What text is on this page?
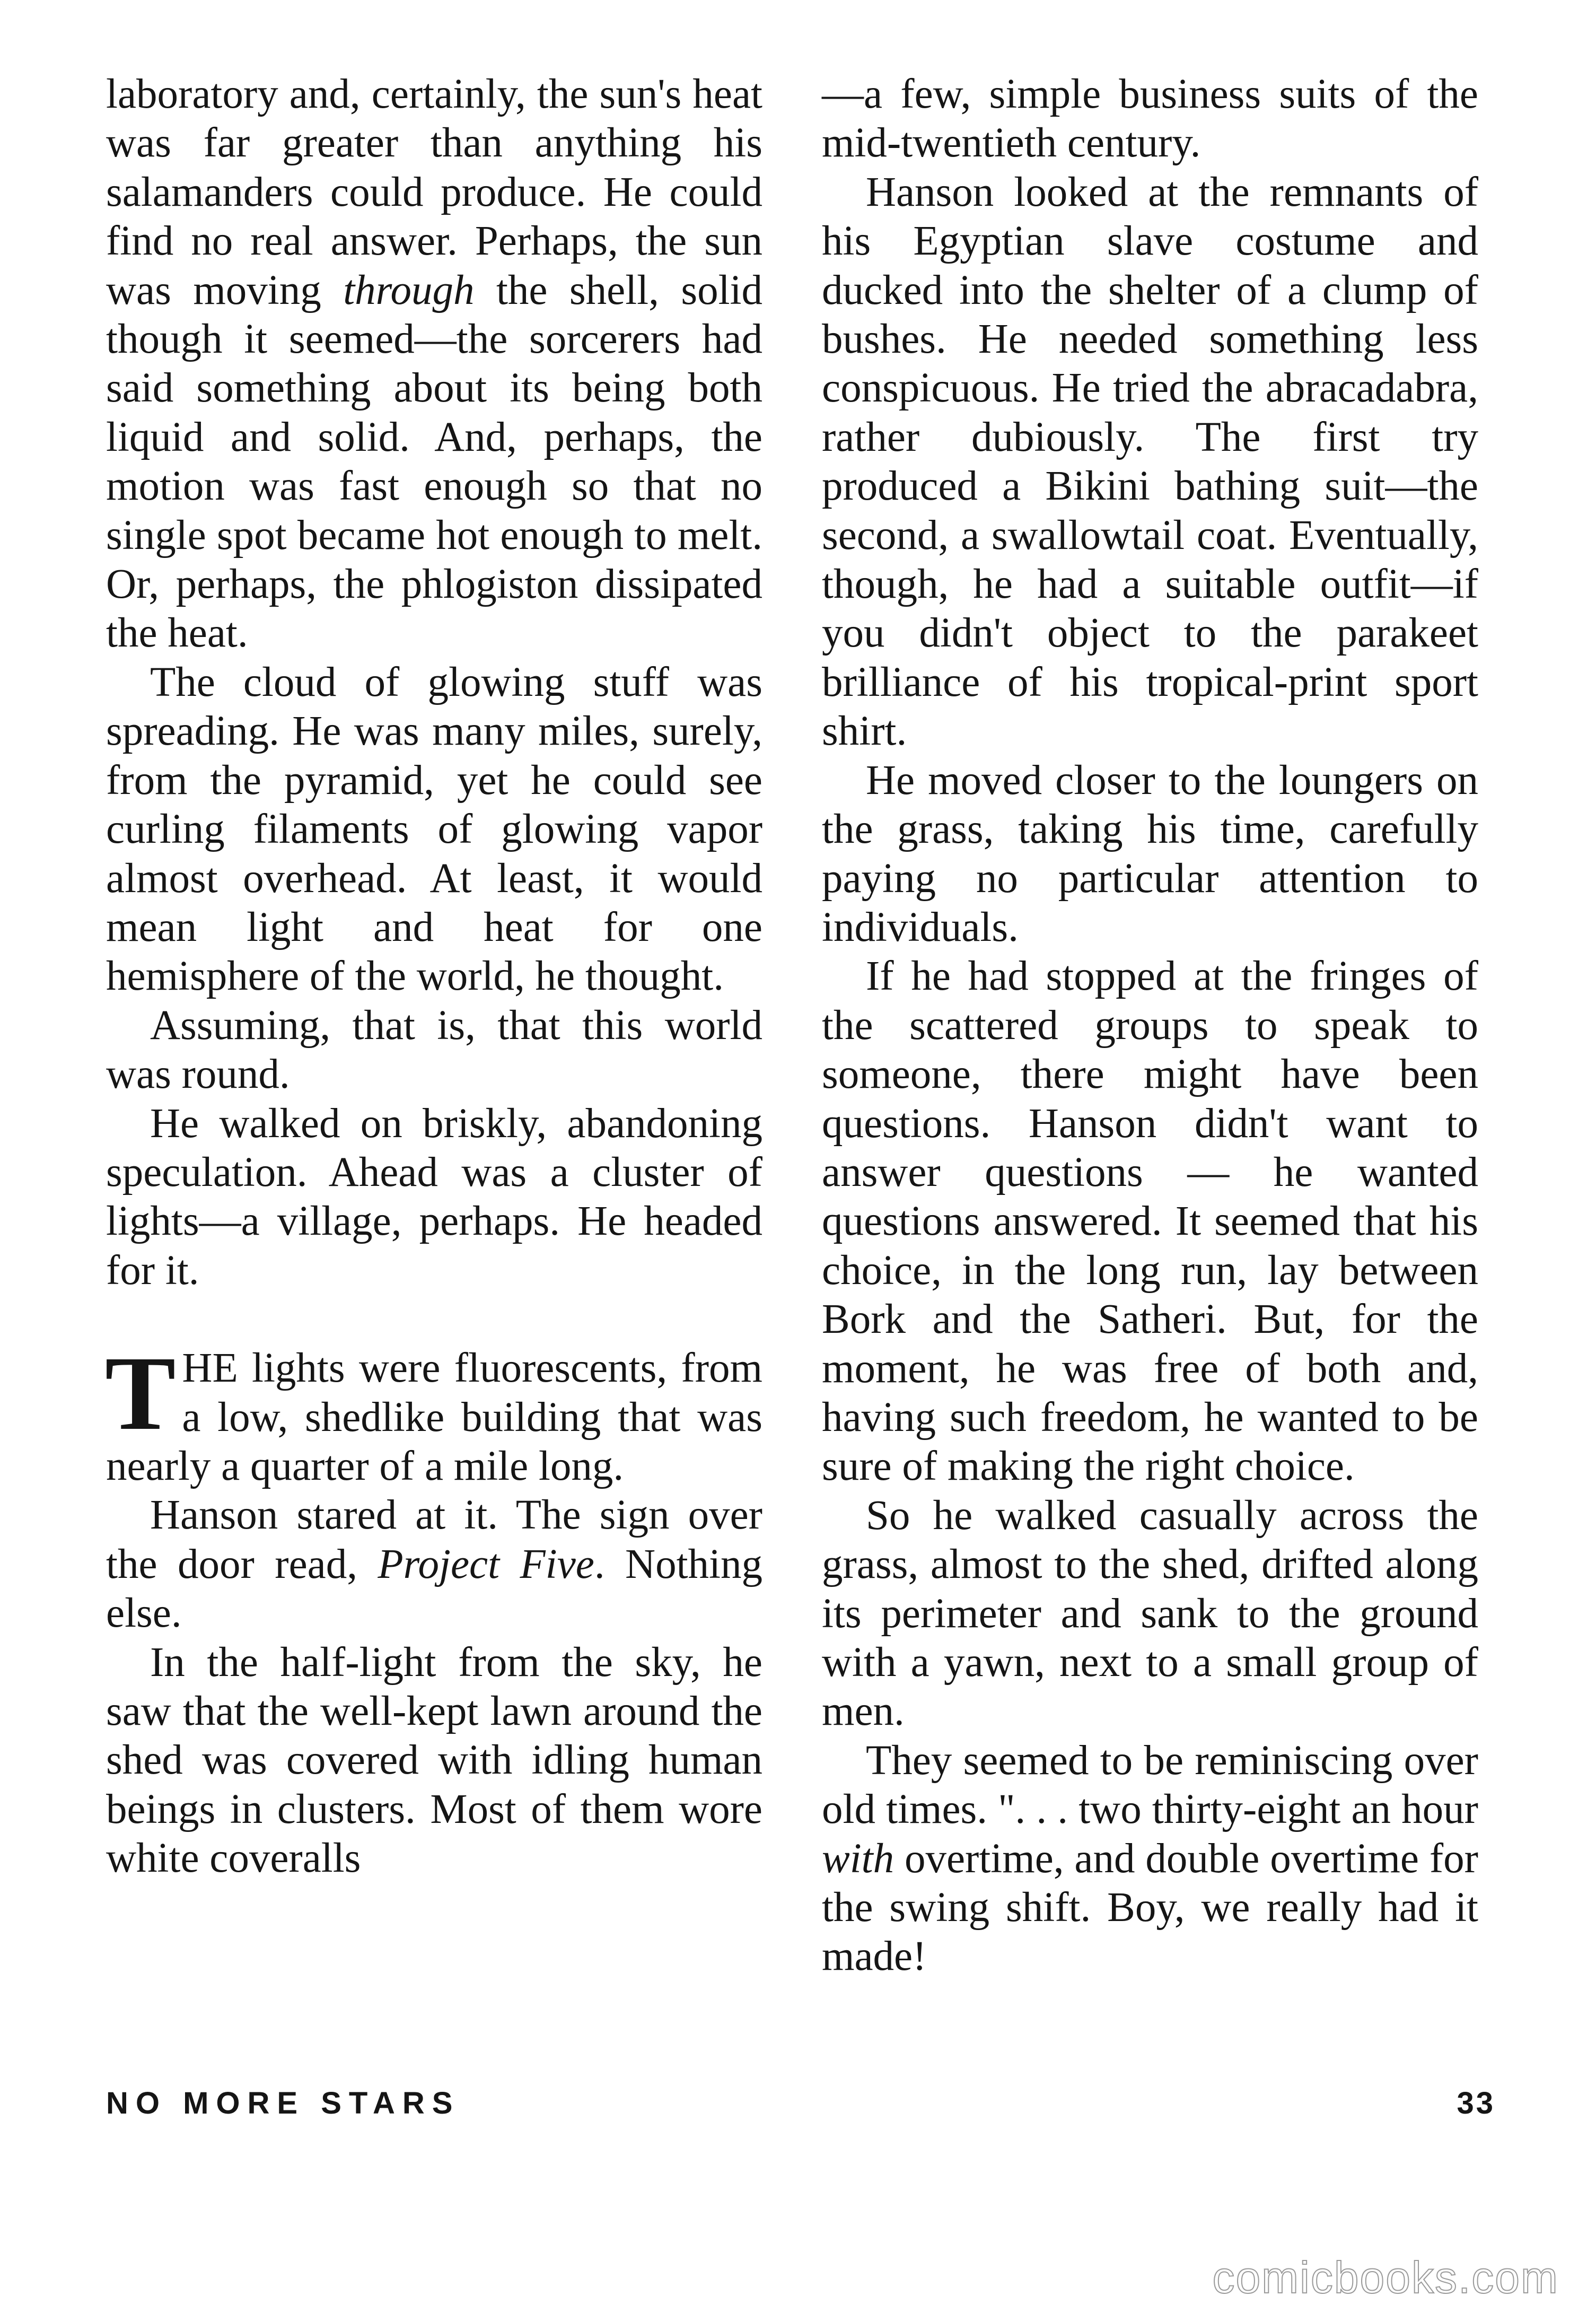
laboratory and, certainly, the sun's heat was far greater than anything his salamanders could produce. He could find no real answer. Perhaps, the sun was moving through the shell, solid though it seemed—the sorcerers had said something about its being both liquid and solid. And, perhaps, the motion was fast enough so that no single spot became hot enough to melt. Or, perhaps, the phlogiston dissipated the heat.

The cloud of glowing stuff was spreading. He was many miles, surely, from the pyramid, yet he could see curling filaments of glowing vapor almost overhead. At least, it would mean light and heat for one hemisphere of the world, he thought.

Assuming, that is, that this world was round.

He walked on briskly, abandoning speculation. Ahead was a cluster of lights—a village, perhaps. He headed for it.

THE lights were fluorescents, from a low, shedlike building that was nearly a quarter of a mile long.

Hanson stared at it. The sign over the door read, Project Five. Nothing else.

In the half-light from the sky, he saw that the well-kept lawn around the shed was covered with idling human beings in clusters. Most of them wore white coveralls

—a few, simple business suits of the mid-twentieth century.

Hanson looked at the remnants of his Egyptian slave costume and ducked into the shelter of a clump of bushes. He needed something less conspicuous. He tried the abracadabra, rather dubiously. The first try produced a Bikini bathing suit—the second, a swallowtail coat. Eventually, though, he had a suitable outfit—if you didn't object to the parakeet brilliance of his tropical-print sport shirt.

He moved closer to the loungers on the grass, taking his time, carefully paying no particular attention to individuals.

If he had stopped at the fringes of the scattered groups to speak to someone, there might have been questions. Hanson didn't want to answer questions — he wanted questions answered. It seemed that his choice, in the long run, lay between Bork and the Satheri. But, for the moment, he was free of both and, having such freedom, he wanted to be sure of making the right choice.

So he walked casually across the grass, almost to the shed, drifted along its perimeter and sank to the ground with a yawn, next to a small group of men.

They seemed to be reminiscing over old times. ". . . two thirty-eight an hour with overtime, and double overtime for the swing shift. Boy, we really had it made!

NO MORE STARS	33
comicbooks.com
